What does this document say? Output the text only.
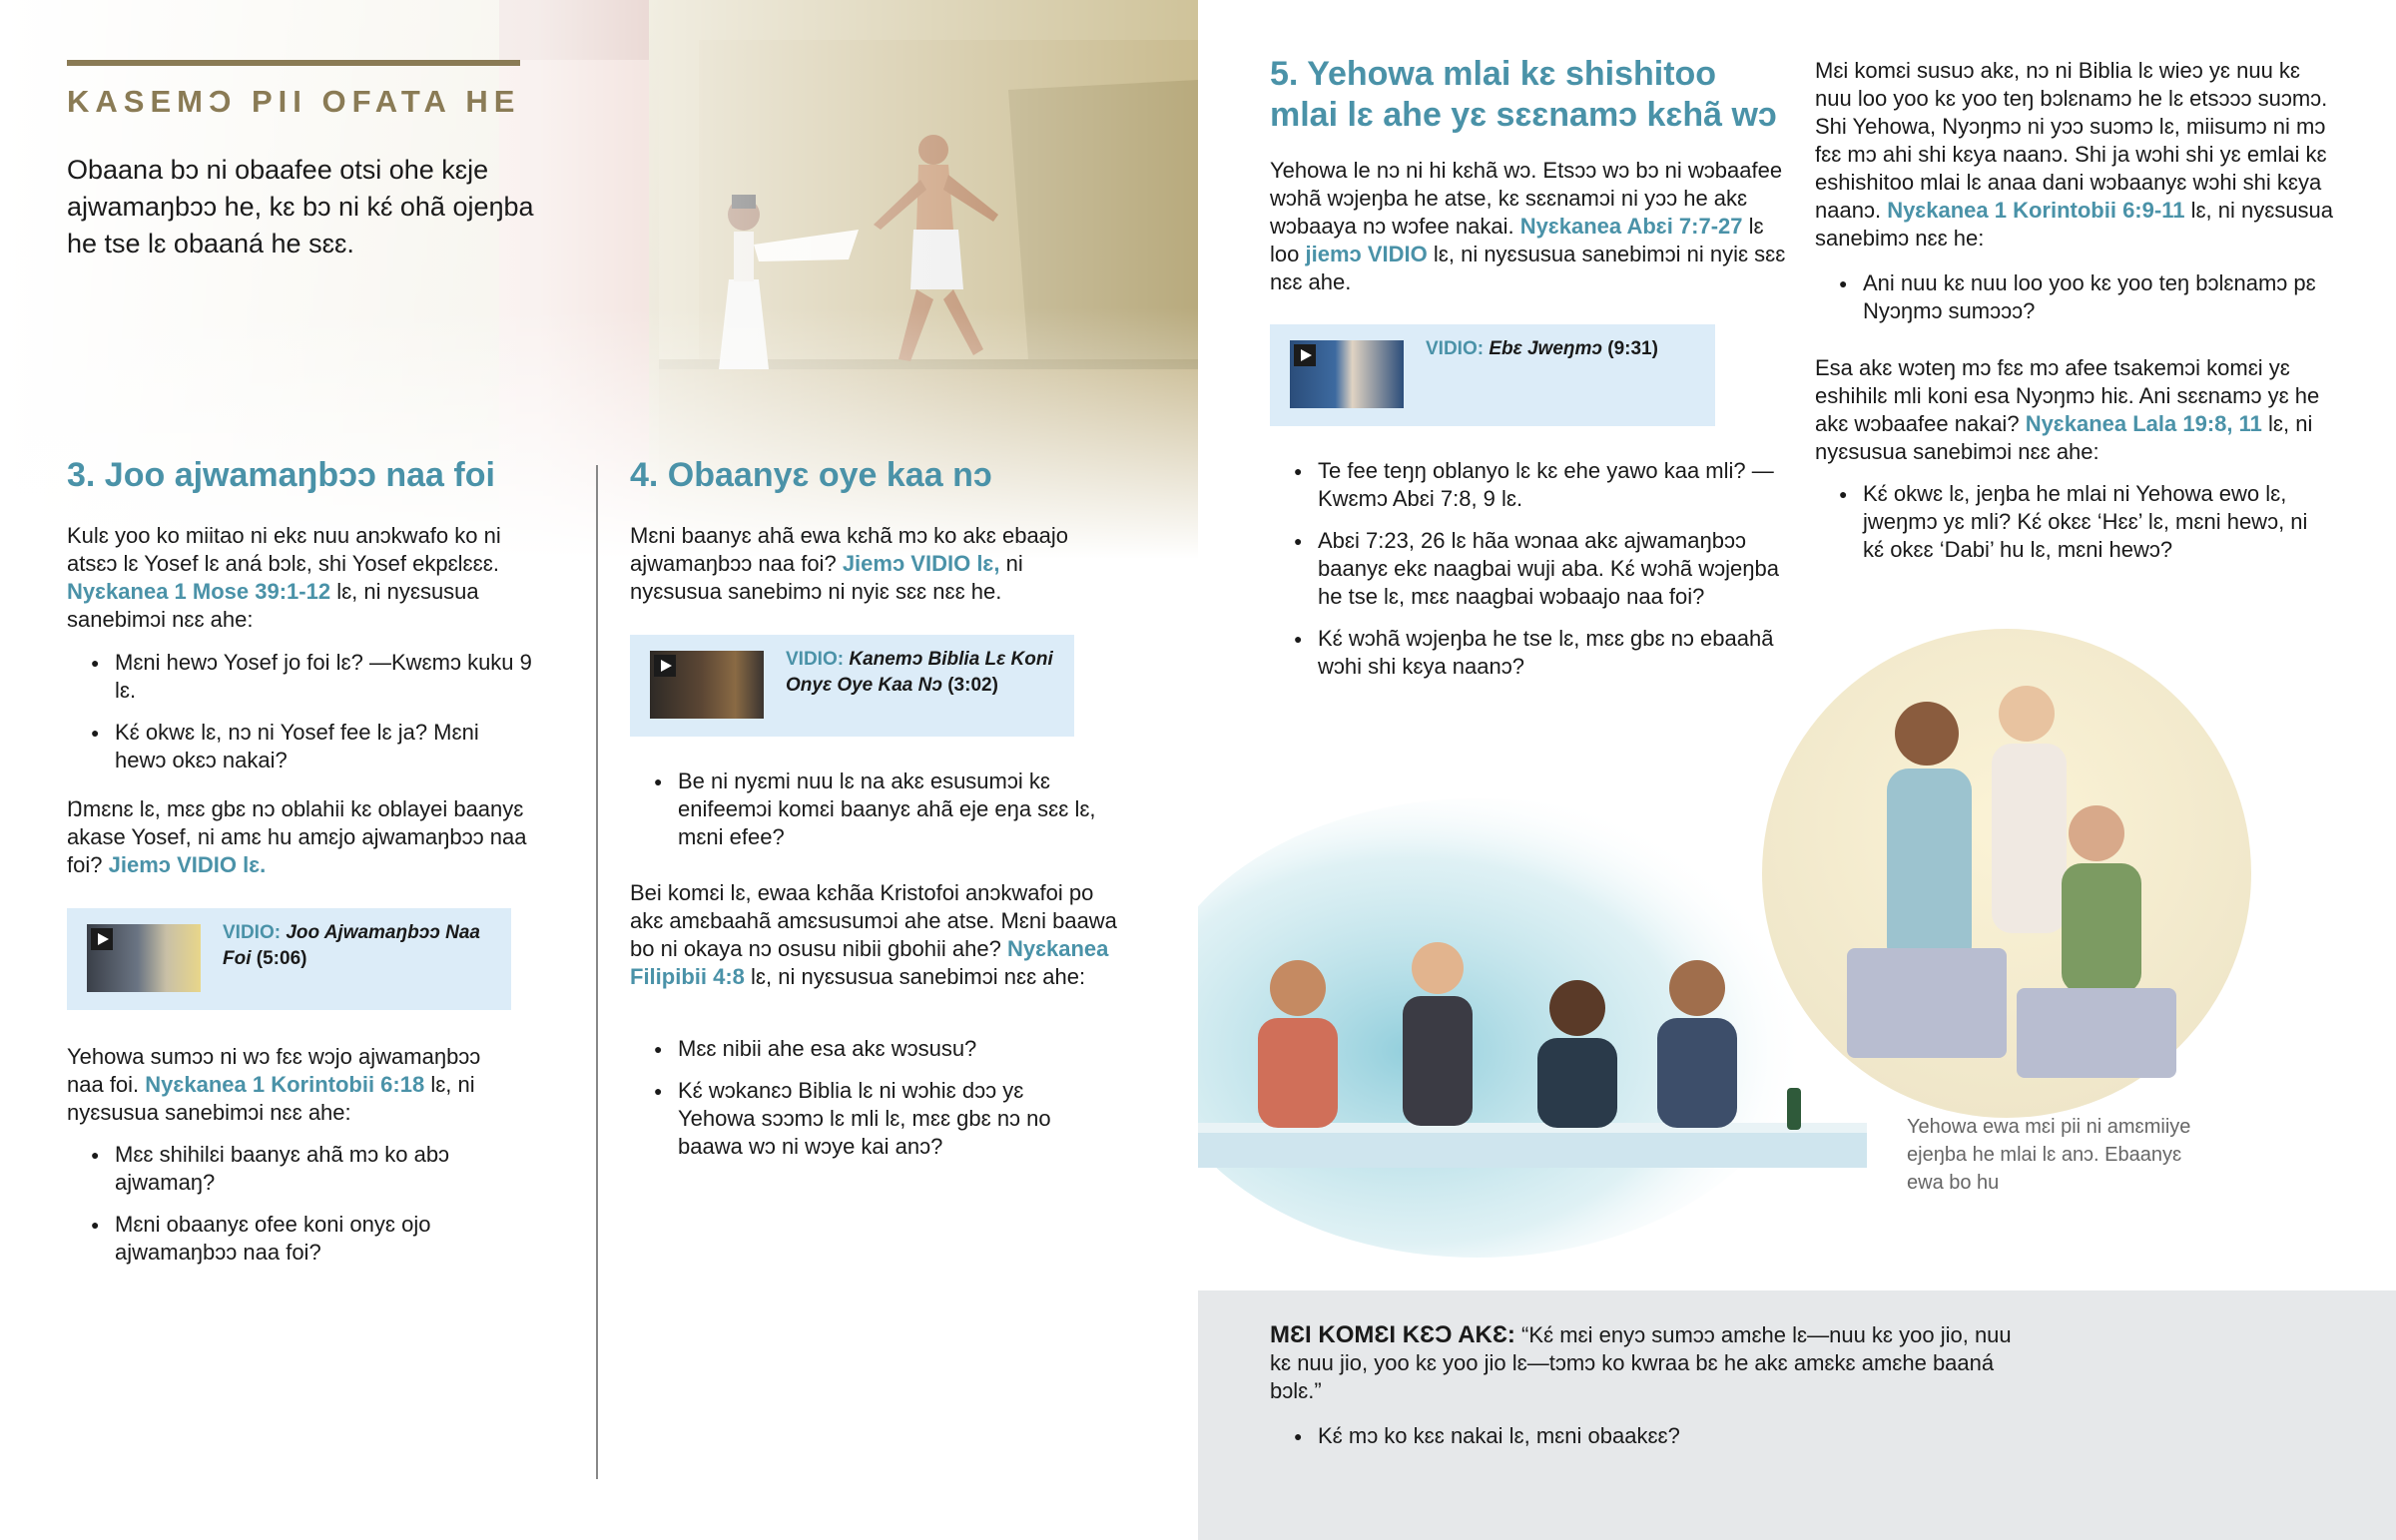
KASEMƆ PII OFATA HE

Obaana bɔ ni obaafee otsi ohe kɛje ajwamaŋbɔɔ he, kɛ bɔ ni kɛ́ ohã ojeŋba he tse lɛ obaaná he sɛɛ.

3. Joo ajwamaŋbɔɔ naa foi

Kulɛ yoo ko miitao ni ekɛ nuu anɔkwafo ko ni atsɛɔ lɛ Yosef lɛ aná bɔlɛ, shi Yosef ekpɛlɛɛɛ. Nyɛkanea 1 Mose 39:1-12 lɛ, ni nyɛsusua sanebimɔi nɛɛ ahe:

● Mɛni hewɔ Yosef jo foi lɛ? —Kwɛmɔ kuku 9 lɛ.
● Kɛ́ okwɛ lɛ, nɔ ni Yosef fee lɛ ja? Mɛni hewɔ okɛɔ nakai?

Ŋmɛnɛ lɛ, mɛɛ gbɛ nɔ oblahii kɛ oblayei baanyɛ akase Yosef, ni amɛ hu amɛjo ajwamaŋbɔɔ naa foi? Jiemɔ VIDIO lɛ.

VIDIO: Joo Ajwamaŋbɔɔ Naa Foi (5:06)

Yehowa sumɔɔ ni wɔ fɛɛ wɔjo ajwamaŋbɔɔ naa foi. Nyɛkanea 1 Korintobii 6:18 lɛ, ni nyɛsusua sanebimɔi nɛɛ ahe:

● Mɛɛ shihilɛi baanyɛ ahã mɔ ko abɔ ajwamaŋ?
● Mɛni obaanyɛ ofee koni onyɛ ojo ajwamaŋbɔɔ naa foi?
4. Obaanyɛ oye kaa nɔ

Mɛni baanyɛ ahã ewa kɛhã mɔ ko akɛ ebaajo ajwamaŋbɔɔ naa foi? Jiemɔ VIDIO lɛ, ni nyɛsusua sanebimɔ ni nyiɛ sɛɛ nɛɛ he.

VIDIO: Kanemɔ Biblia Lɛ Koni Onyɛ Oye Kaa Nɔ (3:02)
● Be ni nyɛmi nuu lɛ na akɛ esusumɔi kɛ enifeemɔi komɛi baanyɛ ahã eje eŋa sɛɛ lɛ, mɛni efee?

Bei komɛi lɛ, ewaa kɛhãa Kristofoi anɔkwafoi po akɛ amɛbaahã amɛsusumɔi ahe atse. Mɛni baawa bo ni okaya nɔ osusu nibii gbohii ahe? Nyɛkanea Filipibii 4:8 lɛ, ni nyɛsusua sanebimɔi nɛɛ ahe:

● Mɛɛ nibii ahe esa akɛ wɔsusu?
● Kɛ́ wɔkanɛɔ Biblia lɛ ni wɔhiɛ dɔɔ yɛ Yehowa sɔɔmɔ lɛ mli lɛ, mɛɛ gbɛ nɔ no baawa wɔ ni wɔye kai anɔ?
5. Yehowa mlai kɛ shishitoo mlai lɛ ahe yɛ sɛɛnamɔ kɛhã wɔ

Yehowa le nɔ ni hi kɛhã wɔ. Etsɔɔ wɔ bɔ ni wɔbaafee wɔhã wɔjeŋba he atse, kɛ sɛɛnamɔi ni yɔɔ he akɛ wɔbaaya nɔ wɔfee nakai. Nyɛkanea Abɛi 7:7-27 lɛ loo jiemɔ VIDIO lɛ, ni nyɛsusua sanebimɔi ni nyiɛ sɛɛ nɛɛ ahe.

VIDIO: Ebɛ Jweŋmɔ (9:31)
● Te fee teŋŋ oblanyo lɛ kɛ ehe yawo kaa mli? —Kwɛmɔ Abɛi 7:8, 9 lɛ.
● Abɛi 7:23, 26 lɛ hãa wɔnaa akɛ ajwamaŋbɔɔ baanyɛ ekɛ naagbai wuji aba. Kɛ́ wɔhã wɔjeŋba he tse lɛ, mɛɛ naagbai wɔbaajo naa foi?
● Kɛ́ wɔhã wɔjeŋba he tse lɛ, mɛɛ gbɛ nɔ ebaahã wɔhi shi kɛya naanɔ?

Mɛi komɛi susuɔ akɛ, nɔ ni Biblia lɛ wieɔ yɛ nuu kɛ nuu loo yoo kɛ yoo teŋ bɔlɛnamɔ he lɛ etsɔɔɔ suɔmɔ. Shi Yehowa, Nyɔŋmɔ ni yɔɔ suɔmɔ lɛ, miisumɔ ni mɔ fɛɛ mɔ ahi shi kɛya naanɔ. Shi ja wɔhi shi yɛ emlai kɛ eshishitoo mlai lɛ anaa dani wɔbaanyɛ wɔhi shi kɛya naanɔ. Nyɛkanea 1 Korintobii 6:9-11 lɛ, ni nyɛsusua sanebimɔ nɛɛ he:

● Ani nuu kɛ nuu loo yoo kɛ yoo teŋ bɔlɛnamɔ pɛ Nyɔŋmɔ sumɔɔɔ?

Esa akɛ wɔteŋ mɔ fɛɛ mɔ afee tsakemɔi komɛi yɛ eshihilɛ mli koni esa Nyɔŋmɔ hiɛ. Ani sɛɛnamɔ yɛ he akɛ wɔbaafee nakai? Nyɛkanea Lala 19:8, 11 lɛ, ni nyɛsusua sanebimɔi nɛɛ ahe:

● Kɛ́ okwɛ lɛ, jeŋba he mlai ni Yehowa ewo lɛ, jweŋmɔ yɛ mli? Kɛ́ okɛɛ ‘Hɛɛ’ lɛ, mɛni hewɔ, ni kɛ́ okɛɛ ‘Dabi’ hu lɛ, mɛni hewɔ?

Yehowa ewa mɛi pii ni amɛmiiye ejeŋba he mlai lɛ anɔ. Ebaanyɛ ewa bo hu

MƐI KOMƐI KƐƆ AKƐ: “Kɛ́ mɛi enyɔ sumɔɔ amɛhe lɛ—nuu kɛ yoo jio, nuu kɛ nuu jio, yoo kɛ yoo jio lɛ—tɔmɔ ko kwraa bɛ he akɛ amɛkɛ amɛhe baaná bɔlɛ.”

● Kɛ́ mɔ ko kɛɛ nakai lɛ, mɛni obaakɛɛ?
